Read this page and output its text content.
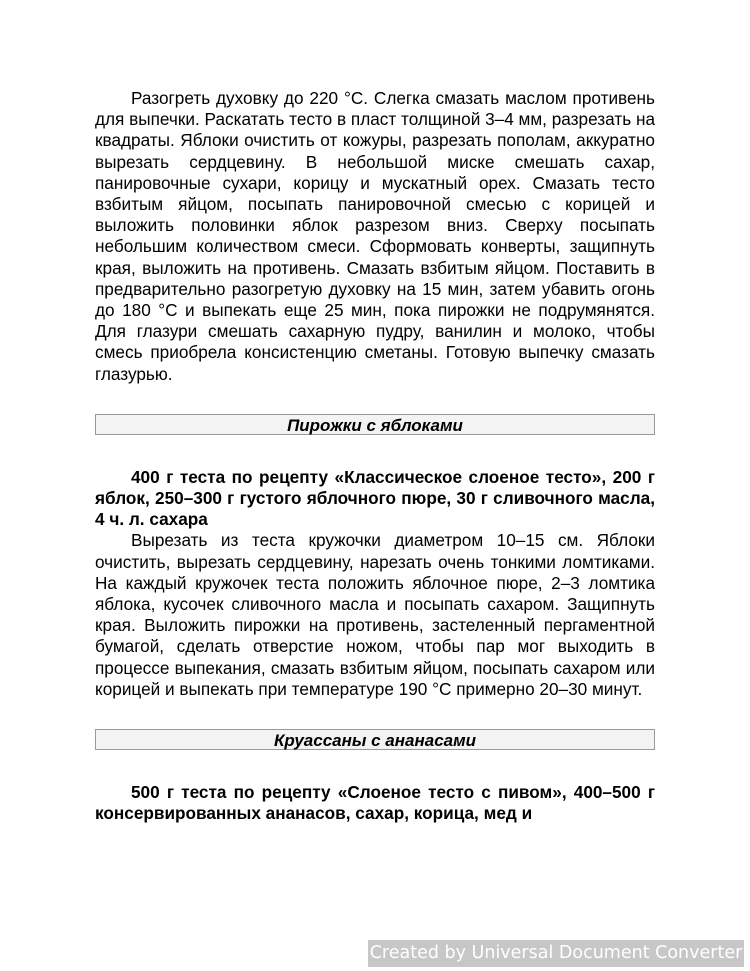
Разогреть духовку до 220 °С. Слегка смазать маслом противень для выпечки. Раскатать тесто в пласт толщиной 3–4 мм, разрезать на квадраты. Яблоки очистить от кожуры, разрезать пополам, аккуратно вырезать сердцевину. В небольшой миске смешать сахар, панировочные сухари, корицу и мускатный орех. Смазать тесто взбитым яйцом, посыпать панировочной смесью с корицей и выложить половинки яблок разрезом вниз. Сверху посыпать небольшим количеством смеси. Сформовать конверты, защипнуть края, выложить на противень. Смазать взбитым яйцом. Поставить в предварительно разогретую духовку на 15 мин, затем убавить огонь до 180 °С и выпекать еще 25 мин, пока пирожки не подрумянятся. Для глазури смешать сахарную пудру, ванилин и молоко, чтобы смесь приобрела консистенцию сметаны. Готовую выпечку смазать глазурью.

Пирожки с яблоками

400 г теста по рецепту «Классическое слоеное тесто», 200 г яблок, 250–300 г густого яблочного пюре, 30 г сливочного масла, 4 ч. л. сахара

Вырезать из теста кружочки диаметром 10–15 см. Яблоки очистить, вырезать сердцевину, нарезать очень тонкими ломтиками. На каждый кружочек теста положить яблочное пюре, 2–3 ломтика яблока, кусочек сливочного масла и посыпать сахаром. Защипнуть края. Выложить пирожки на противень, застеленный пергаментной бумагой, сделать отверстие ножом, чтобы пар мог выходить в процессе выпекания, смазать взбитым яйцом, посыпать сахаром или корицей и выпекать при температуре 190 °С примерно 20–30 минут.

Круассаны с ананасами

500 г теста по рецепту «Слоеное тесто с пивом», 400–500 г консервированных ананасов, сахар, корица, мед и

Created by Universal Document Converter
